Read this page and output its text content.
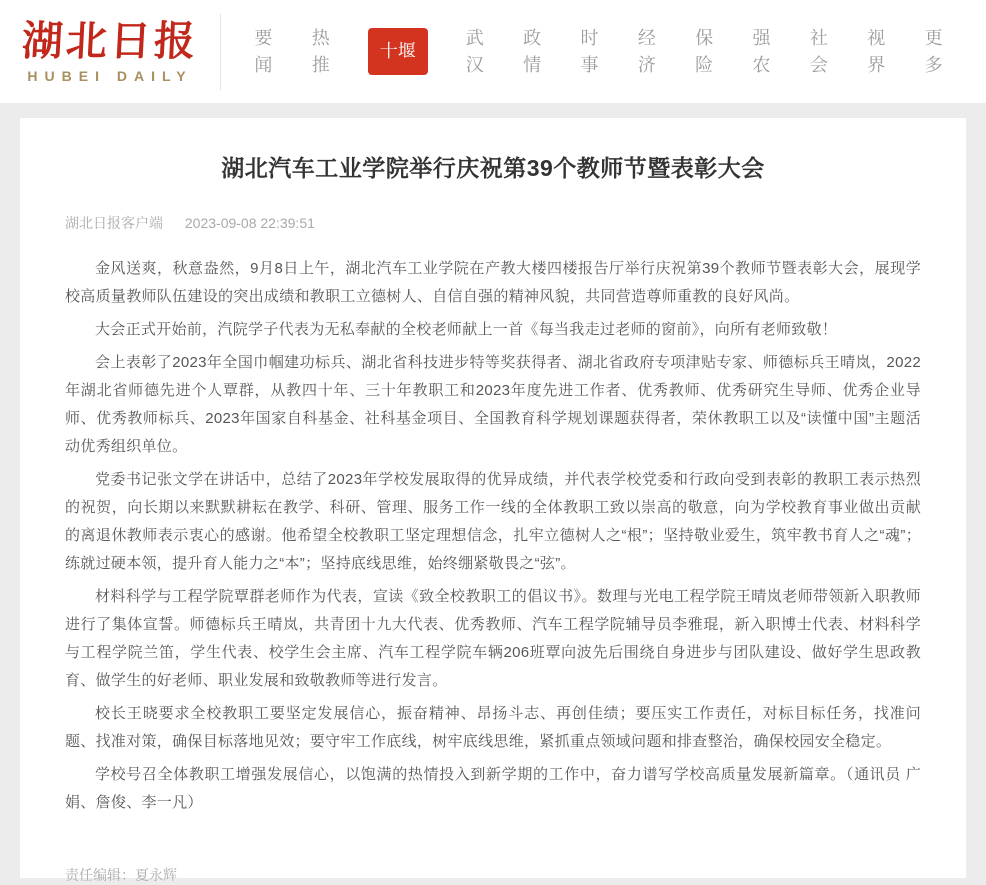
湖北日报
HUBEI DAILY
要闻
热推
十堰
武汉
政情
时事
经济
保险
强农
社会
视界
更多
湖北汽车工业学院举行庆祝第39个教师节暨表彰大会
湖北日报客户端 2023-09-08 22:39:51

金风送爽，秋意盎然，9月8日上午，湖北汽车工业学院在产教大楼四楼报告厅举行庆祝第39个教师节暨表彰大会，展现学校高质量教师队伍建设的突出成绩和教职工立德树人、自信自强的精神风貌，共同营造尊师重教的良好风尚。

大会正式开始前，汽院学子代表为无私奉献的全校老师献上一首《每当我走过老师的窗前》，向所有老师致敬！

会上表彰了2023年全国巾帼建功标兵、湖北省科技进步特等奖获得者、湖北省政府专项津贴专家、师德标兵王晴岚，2022年湖北省师德先进个人覃群，从教四十年、三十年教职工和2023年度先进工作者、优秀教师、优秀研究生导师、优秀企业导师、优秀教师标兵、2023年国家自科基金、社科基金项目、全国教育科学规划课题获得者，荣休教职工以及“读懂中国”主题活动优秀组织单位。

党委书记张文学在讲话中，总结了2023年学校发展取得的优异成绩，并代表学校党委和行政向受到表彰的教职工表示热烈的祝贺，向长期以来默默耕耘在教学、科研、管理、服务工作一线的全体教职工致以崇高的敬意，向为学校教育事业做出贡献的离退休教师表示衷心的感谢。他希望全校教职工坚定理想信念，扎牢立德树人之“根”；坚持敬业爱生，筑牢教书育人之“魂”；练就过硬本领，提升育人能力之“本”；坚持底线思维，始终绷紧敬畏之“弦”。

材料科学与工程学院覃群老师作为代表，宣读《致全校教职工的倡议书》。数理与光电工程学院王晴岚老师带领新入职教师进行了集体宣誓。师德标兵王晴岚，共青团十九大代表、优秀教师、汽车工程学院辅导员李雅琨，新入职博士代表、材料科学与工程学院兰笛，学生代表、校学生会主席、汽车工程学院车辆206班覃向波先后围绕自身进步与团队建设、做好学生思政教育、做学生的好老师、职业发展和致敬教师等进行发言。

校长王晓要求全校教职工要坚定发展信心，振奋精神、昂扬斗志、再创佳绩；要压实工作责任，对标目标任务，找准问题、找准对策，确保目标落地见效；要守牢工作底线，树牢底线思维，紧抓重点领域问题和排查整治，确保校园安全稳定。

学校号召全体教职工增强发展信心，以饱满的热情投入到新学期的工作中，奋力谱写学校高质量发展新篇章。（通讯员 广娟、詹俊、李一凡）

责任编辑：夏永辉
